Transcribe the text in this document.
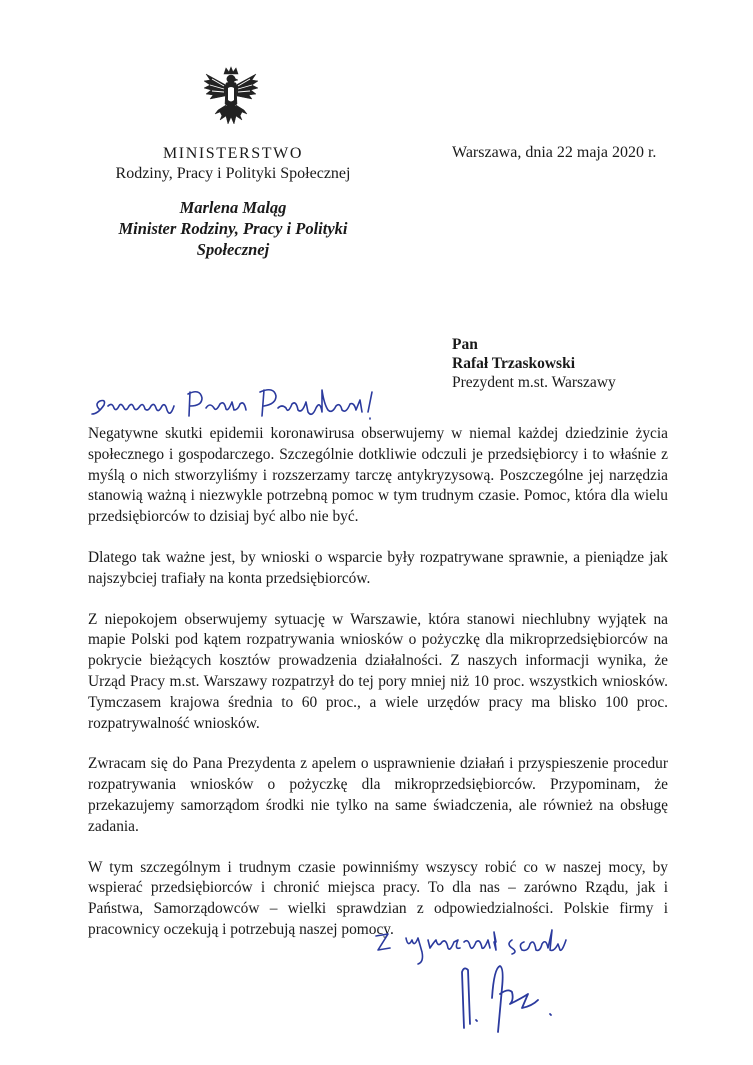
MINISTERSTWO
Rodziny, Pracy i Polityki Społecznej
Marlena Maląg
Minister Rodziny, Pracy i Polityki Społecznej
Warszawa, dnia 22 maja 2020 r.
Pan
Rafał Trzaskowski
Prezydent m.st. Warszawy

Negatywne skutki epidemii koronawirusa obserwujemy w niemal każdej dziedzinie życia społecznego i gospodarczego. Szczególnie dotkliwie odczuli je przedsiębiorcy i to właśnie z myślą o nich stworzyliśmy i rozszerzamy tarczę antykryzysową. Poszczególne jej narzędzia stanowią ważną i niezwykle potrzebną pomoc w tym trudnym czasie. Pomoc, która dla wielu przedsiębiorców to dzisiaj być albo nie być.

Dlatego tak ważne jest, by wnioski o wsparcie były rozpatrywane sprawnie, a pieniądze jak najszybciej trafiały na konta przedsiębiorców.

Z niepokojem obserwujemy sytuację w Warszawie, która stanowi niechlubny wyjątek na mapie Polski pod kątem rozpatrywania wniosków o pożyczkę dla mikroprzedsiębiorców na pokrycie bieżących kosztów prowadzenia działalności. Z naszych informacji wynika, że Urząd Pracy m.st. Warszawy rozpatrzył do tej pory mniej niż 10 proc. wszystkich wniosków. Tymczasem krajowa średnia to 60 proc., a wiele urzędów pracy ma blisko 100 proc. rozpatrywalność wniosków.

Zwracam się do Pana Prezydenta z apelem o usprawnienie działań i przyspieszenie procedur rozpatrywania wniosków o pożyczkę dla mikroprzedsiębiorców. Przypominam, że przekazujemy samorządom środki nie tylko na same świadczenia, ale również na obsługę zadania.

W tym szczególnym i trudnym czasie powinniśmy wszyscy robić co w naszej mocy, by wspierać przedsiębiorców i chronić miejsca pracy. To dla nas – zarówno Rządu, jak i Państwa, Samorządowców – wielki sprawdzian z odpowiedzialności. Polskie firmy i pracownicy oczekują i potrzebują naszej pomocy.
